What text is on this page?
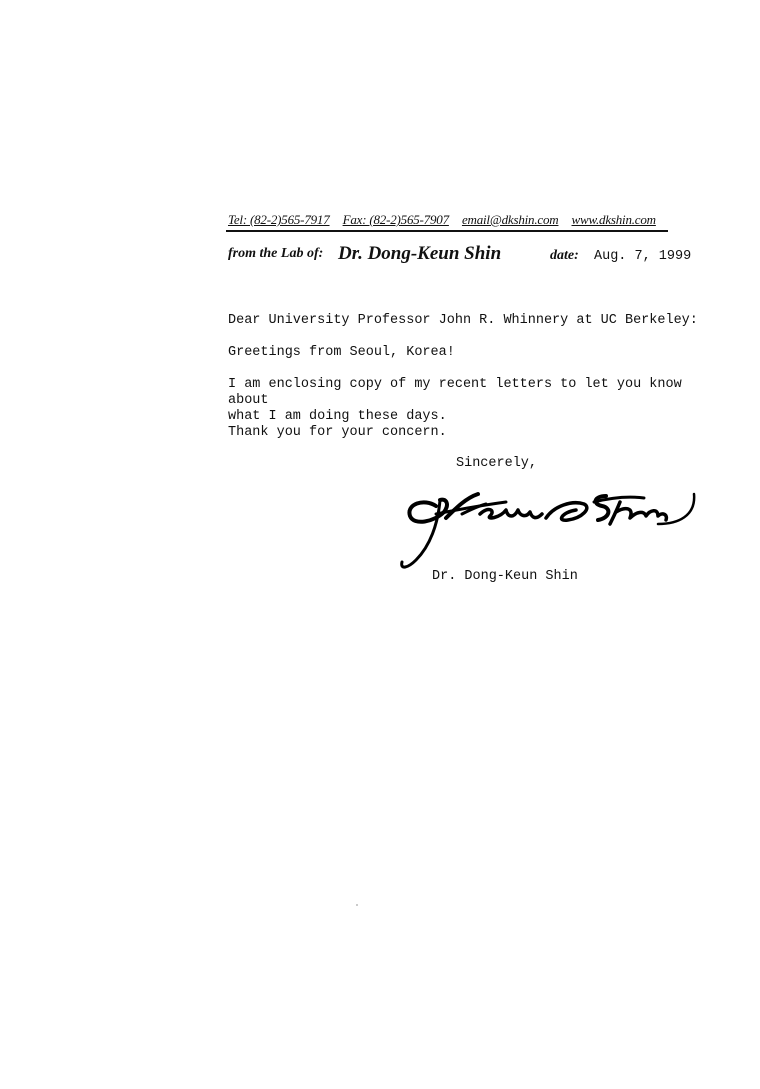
Tel: (82-2)565-7917 Fax: (82-2)565-7907 email@dkshin.com www.dkshin.com
from the Lab of: Dr. Dong-Keun Shin	date: Aug. 7, 1999
Dear University Professor John R. Whinnery at UC Berkeley:
Greetings from Seoul, Korea!
I am enclosing copy of my recent letters to let you know about
what I am doing these days.
Thank you for your concern.
Sincerely,
Dr. Dong-Keun Shin
